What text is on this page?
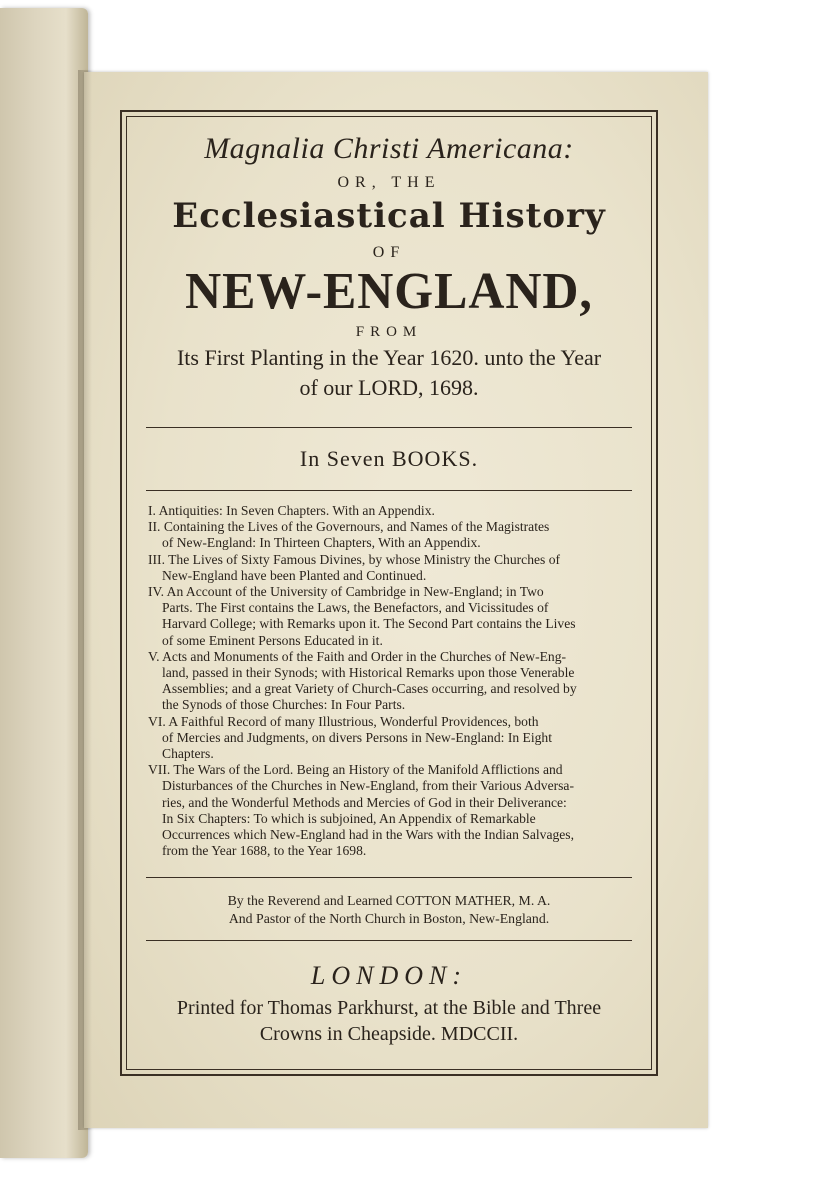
Magnalia Christi Americana:

OR, THE

Ecclesiastical History

OF

NEW-ENGLAND,

FROM

Its First Planting in the Year 1620. unto the Year

of our LORD, 1698.

In Seven BOOKS.

I. Antiquities: In Seven Chapters. With an Appendix.

II. Containing the Lives of the Governours, and Names of the Magistrates
of New-England: In Thirteen Chapters, With an Appendix.

III. The Lives of Sixty Famous Divines, by whose Ministry the Churches of
New-England have been Planted and Continued.

IV. An Account of the University of Cambridge in New-England; in Two
Parts. The First contains the Laws, the Benefactors, and Vicissitudes of
Harvard College; with Remarks upon it. The Second Part contains the Lives
of some Eminent Persons Educated in it.

V. Acts and Monuments of the Faith and Order in the Churches of New-Eng-
land, passed in their Synods; with Historical Remarks upon those Venerable
Assemblies; and a great Variety of Church-Cases occurring, and resolved by
the Synods of those Churches: In Four Parts.

VI. A Faithful Record of many Illustrious, Wonderful Providences, both
of Mercies and Judgments, on divers Persons in New-England: In Eight
Chapters.

VII. The Wars of the Lord. Being an History of the Manifold Afflictions and
Disturbances of the Churches in New-England, from their Various Adversa-
ries, and the Wonderful Methods and Mercies of God in their Deliverance:
In Six Chapters: To which is subjoined, An Appendix of Remarkable
Occurrences which New-England had in the Wars with the Indian Salvages,
from the Year 1688, to the Year 1698.

By the Reverend and Learned COTTON MATHER, M. A.
And Pastor of the North Church in Boston, New-England.

LONDON:

Printed for Thomas Parkhurst, at the Bible and Three

Crowns in Cheapside. MDCCII.
